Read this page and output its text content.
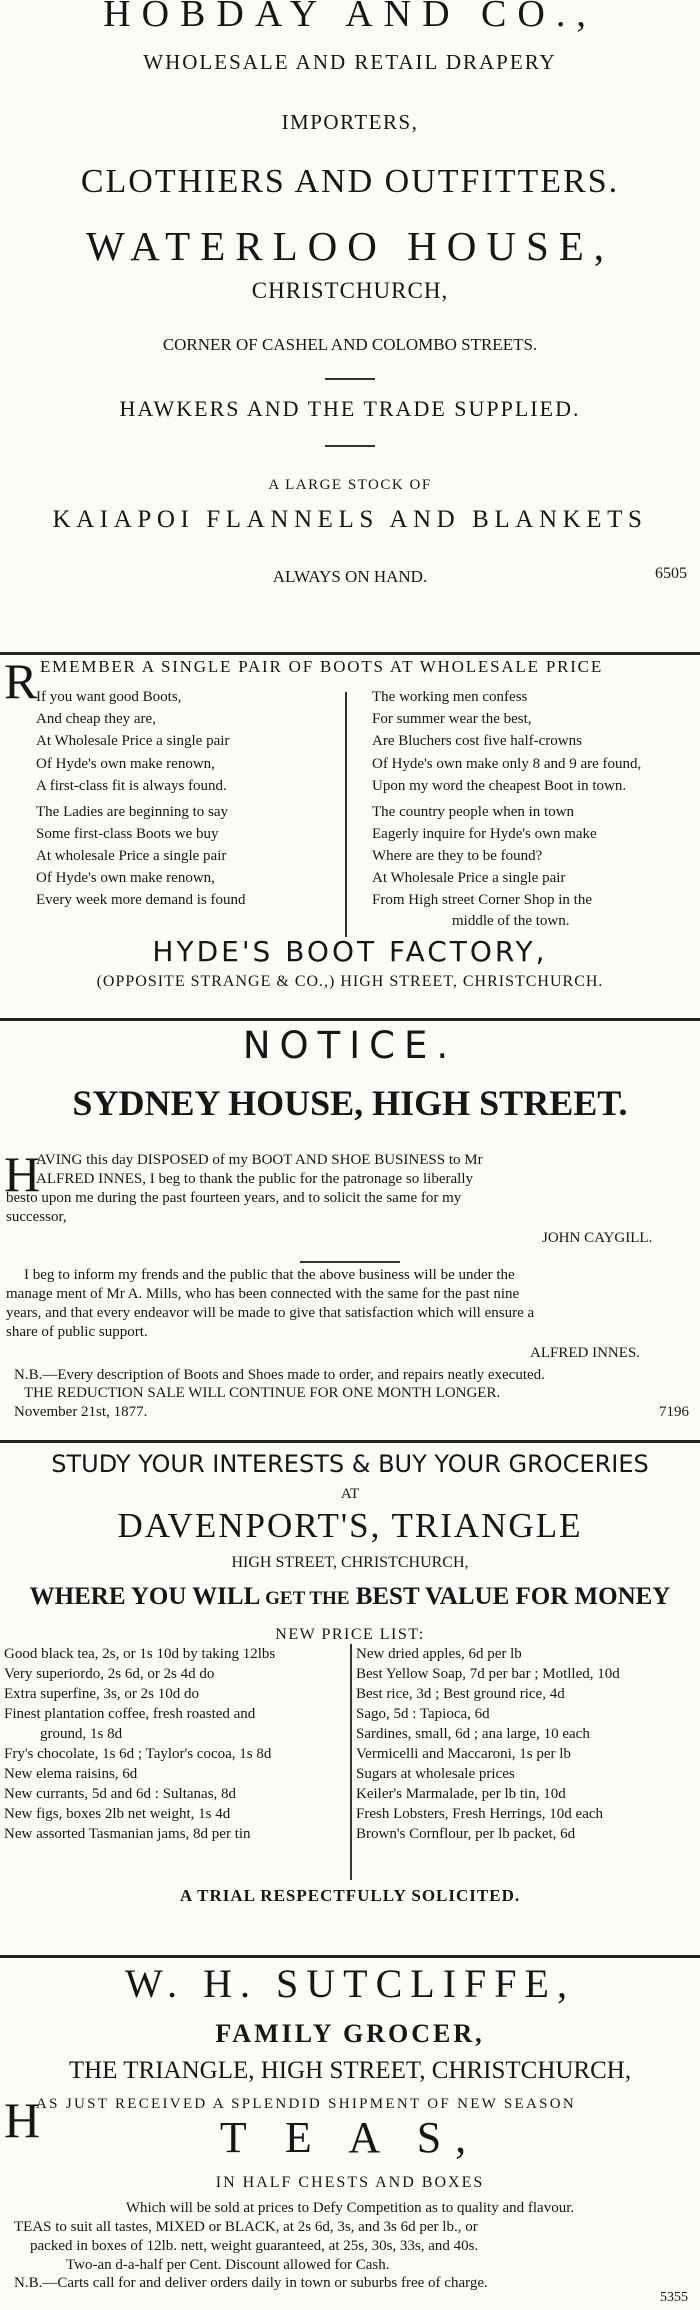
HOBDAY AND CO.,
WHOLESALE AND RETAIL DRAPERY
IMPORTERS,
CLOTHIERS AND OUTFITTERS.
WATERLOO HOUSE,
CHRISTCHURCH,
CORNER OF CASHEL AND COLOMBO STREETS.
HAWKERS AND THE TRADE SUPPLIED.
A LARGE STOCK OF
KAIAPOI FLANNELS AND BLANKETS
ALWAYS ON HAND.	6505
R EMEMBER A SINGLE PAIR OF BOOTS AT WHOLESALE PRICE
If you want good Boots,
And cheap they are,
At Wholesale Price a single pair
Of Hyde's own make renown,
A first-class fit is always found.
The Ladies are beginning to say
Some first-class Boots we buy
At wholesale Price a single pair
Of Hyde's own make renown,
Every week more demand is found
The working men confess
For summer wear the best,
Are Bluchers cost five half-crowns
Of Hyde's own make only 8 and 9 are found,
Upon my word the cheapest Boot in town.
The country people when in town
Eagerly inquire for Hyde's own make
Where are they to be found?
At Wholesale Price a single pair
From High street Corner Shop in the
middle of the town.
HYDE'S BOOT FACTORY,
(OPPOSITE STRANGE & CO.,) HIGH STREET, CHRISTCHURCH.
NOTICE.
SYDNEY HOUSE, HIGH STREET.
H
AVING this day DISPOSED of my BOOT AND SHOE BUSINESS to Mr
ALFRED INNES, I beg to thank the public for the patronage so liberally
besto upon me during the past fourteen years, and to solicit the same for my
successor,
JOHN CAYGILL.
I beg to inform my frends and the public that the above business will be under the
manage ment of Mr A. Mills, who has been connected with the same for the past nine
years, and that every endeavor will be made to give that satisfaction which will ensure a
share of public support.
ALFRED INNES.
N.B.—Every description of Boots and Shoes made to order, and repairs neatly executed.
THE REDUCTION SALE WILL CONTINUE FOR ONE MONTH LONGER.
November 21st, 1877.	7196
STUDY YOUR INTERESTS & BUY YOUR GROCERIES
AT
DAVENPORT'S, TRIANGLE
HIGH STREET, CHRISTCHURCH,
WHERE YOU WILL GET THE BEST VALUE FOR MONEY
NEW PRICE LIST:
Good black tea, 2s, or 1s 10d by taking 12lbs
Very superiordo, 2s 6d, or 2s 4d do
Extra superfine, 3s, or 2s 10d do
Finest plantation coffee, fresh roasted and
ground, 1s 8d
Fry's chocolate, 1s 6d ; Taylor's cocoa, 1s 8d
New elema raisins, 6d
New currants, 5d and 6d : Sultanas, 8d
New figs, boxes 2lb net weight, 1s 4d
New assorted Tasmanian jams, 8d per tin
New dried apples, 6d per lb
Best Yellow Soap, 7d per bar ; Motlled, 10d
Best rice, 3d ; Best ground rice, 4d
Sago, 5d : Tapioca, 6d
Sardines, small, 6d ; ana large, 10 each
Vermicelli and Maccaroni, 1s per lb
Sugars at wholesale prices
Keiler's Marmalade, per lb tin, 10d
Fresh Lobsters, Fresh Herrings, 10d each
Brown's Cornflour, per lb packet, 6d
A TRIAL RESPECTFULLY SOLICITED.
W. H. SUTCLIFFE,
FAMILY GROCER,
THE TRIANGLE, HIGH STREET, CHRISTCHURCH,
H
AS JUST RECEIVED A SPLENDID SHIPMENT OF NEW SEASON
T E A S,
IN HALF CHESTS AND BOXES
Which will be sold at prices to Defy Competition as to quality and flavour.
TEAS to suit all tastes, MIXED or BLACK, at 2s 6d, 3s, and 3s 6d per lb., or
packed in boxes of 12lb. nett, weight guaranteed, at 25s, 30s, 33s, and 40s.
Two-an d-a-half per Cent. Discount allowed for Cash.
N.B.—Carts call for and deliver orders daily in town or suburbs free of charge.
5355
